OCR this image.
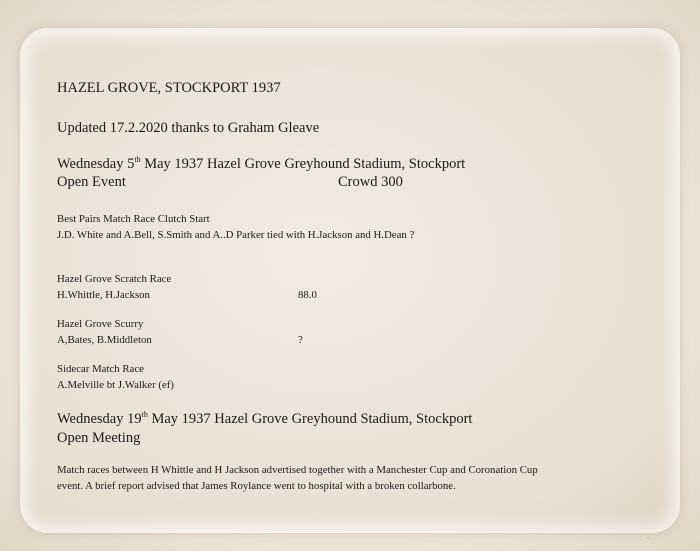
HAZEL GROVE, STOCKPORT 1937
Updated 17.2.2020 thanks to Graham Gleave
Wednesday 5th May 1937 Hazel Grove Greyhound Stadium, Stockport
Open Event	Crowd 300
Best Pairs Match Race Clutch Start
J.D. White and A.Bell, S.Smith and A..D Parker tied with H.Jackson and H.Dean ?
Hazel Grove Scratch Race
H.Whittle, H.Jackson	88.0
Hazel Grove Scurry
A,Bates, B.Middleton	?
Sidecar Match Race
A.Melville bt J.Walker (ef)
Wednesday 19th May 1937 Hazel Grove Greyhound Stadium, Stockport
Open Meeting
Match races between H Whittle and H Jackson advertised together with a Manchester Cup and Coronation Cup
event. A brief report advised that James Roylance went to hospital with a broken collarbone.
~
